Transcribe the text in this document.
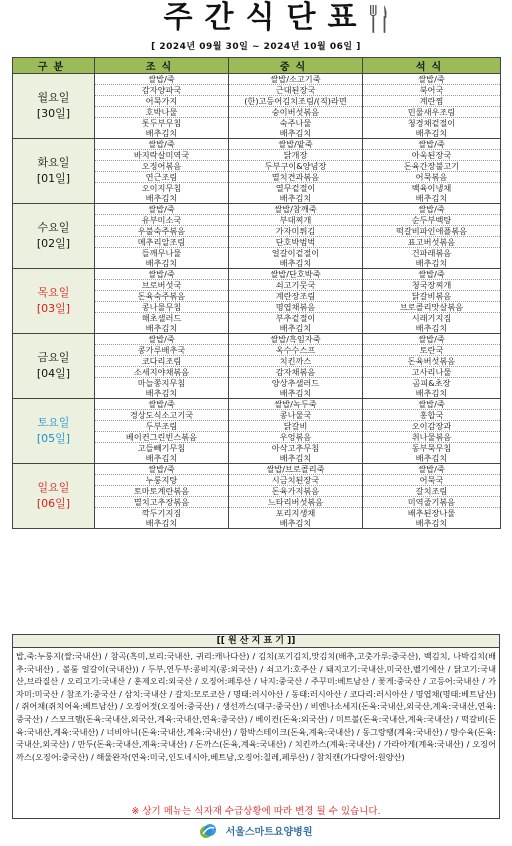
주간식단표
[ 2024년 09월 30일 ~ 2024년 10월 06일 ]
구분	조식	중식	석식

월요일
[30일]	쌀밥/죽	쌀밥/소고기죽	쌀밥/죽
	감자양파국	근대된장국	북어국
	어묵가지	(한)고등어김치조림/(직)라면	계란찜
	호박나물	숭이버섯볶음	민물새우조림
	톳두부무침	숙주나물	청경채겉절이
	배추김치	배추김치	배추김치

화요일
[01일]	쌀밥/죽	쌀밥/팥죽	쌀밥/죽
	바지락살미역국	닭개장	아욱된장국
	오징어볶음	두부구이&양념장	돈육간장불고기
	연근조림	멸치견과볶음	어묵볶음
	오이지무침	열무겉절이	백육이냉채
	배추김치	배추김치	배추김치

수요일
[02일]	쌀밥/죽	쌀밥/참깨죽	쌀밥/죽
	유부미소국	부대찌개	순두부백탕
	우불숙주볶음	가자미튀김	떡갈비파인애플볶음
	메추리알조림	단호박범벅	표고버섯볶음
	들깨무나물	얼갈이겉절이	건파래볶음
	배추김치	배추김치	배추김치

목요일
[03일]	쌀밥/죽	쌀밥/단호박죽	쌀밥/죽
	브로버섯국	쇠고기뭇국	청국장찌개
	돈육숙주볶음	계란장조림	닭갈비볶음
	콩나물무침	명엽채볶음	브로콜리맛살볶음
	해초샐러드	부추겉절이	시래기지짐
	배추김치	배추김치	배추김치

금요일
[04일]	쌀밥/죽	쌀밥/흑임자죽	쌀밥/죽
	콩가루배추국	옥수수스프	토란국
	코다리조림	치킨까스	돈육버섯볶음
	소세지야채볶음	감자채볶음	고사리나물
	마늘쫑지무침	양상추샐러드	곰피&초장
	배추김치	배추김치	배추김치

토요일
[05일]	쌀밥/죽	쌀밥/녹두죽	쌀밥/죽
	경상도식소고기국	콩나물국	홍합국
	두부조림	닭갈비	오이감장과
	베이컨그린빈스볶음	우엉볶음	취나물볶음
	고들빼기무침	아삭고추무침	동부묵무침
	배추김치	배추김치	배추김치

일요일
[06일]	쌀밥/죽	쌀밥/브로콜리죽	쌀밥/죽
	누룽지탕	시금치된장국	어묵국
	토마토계란볶음	돈육가지볶음	갈치조림
	멸치고추장볶음	느타리버섯볶음	미역줄기볶음
	깍두기지짐	포리지생채	배추된장나물
	배추김치	배추김치	배추김치
[[ 원 산 지 표 기 ]]
밥,죽:누룽지(쌀:국내산) / 참곡(흑미,보리:국내산, 귀리:캐나다산) / 김치(포기김치,맛김치(배추,고춧가루:중국산), 백김치, 나박김치(배추:국내산) , 볼룸 얼갈이(국내산)) / 두부,연두부:콩비지(콩:외국산) / 쇠고기:호주산 / 돼지고기:국내산,미국산,벨기에산 / 닭고기:국내산,브라질산 / 오리고기:국내산 / 훈제오리:외국산 / 오징어:페루산 / 낙지:중국산 / 주꾸미:베트남산 / 꽃게:중국산 / 고등어:국내산 / 가자미:미국산 / 참조기:중국산 / 삼치:국내산 / 갈치:모로코산 / 명태:러시아산 / 동태:러시아산 / 코다리:러시아산 / 명엽채(명태:베트남산) / 쥐어채(쥐치어육:베트남산) / 오징어젓(오징어:중국산) / 생선까스(대구:중국산) / 비엔나소세지(돈육:국내산,외국산,계육:국내산,연육:중국산) / 스모크햄(돈육:국내산,외국산,계육:국내산,연육:중국산) / 베이컨(돈육:외국산) / 미트볼(돈육:국내산,계육:국내산) / 떡갈비(돈육:국내산,계육:국내산) / 너비아니(돈육:국내산,계육:국내산) / 함박스테이크(돈육,계육:국내산) / 동그랑땡(계육:국내산) / 탕수육(돈육:국내산,외국산) / 만두(돈육:국내산,계육:국내산) / 돈까스(돈육,계육:국내산) / 치킨까스(계육:국내산) / 가라아게(계육:국내산) / 오징어까스(오징어:중국산) / 해물완자(연육:미국,인도네시아,베트남,오징어:칠레,페루산) / 참치캔(가다랑어:원양산)
※ 상기 메뉴는 식자재 수급상황에 따라 변경 될 수 있습니다.
서울스마트요양병원
